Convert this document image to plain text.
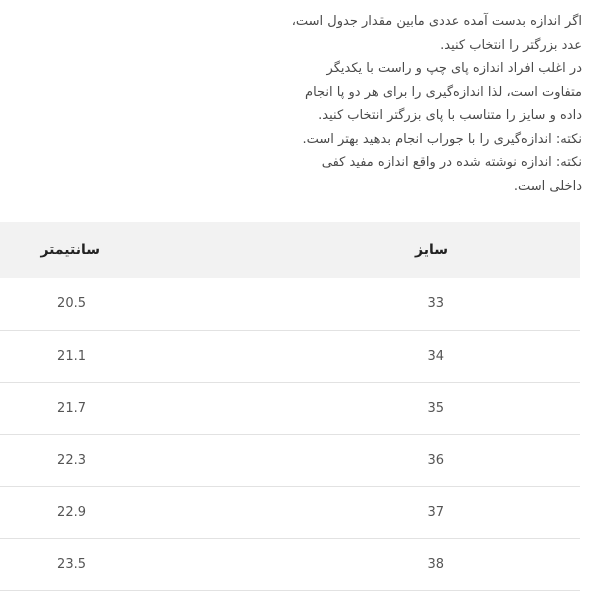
اگر اندازه بدست آمده عددی مابین مقدار جدول است،

عدد بزرگتر را انتخاب کنید.

در اغلب افراد اندازه پای چپ و راست با یکدیگر

متفاوت است، لذا اندازه‌گیری را برای هر دو پا انجام

داده و سایز را متناسب با پای بزرگتر انتخاب کنید.

نکته: اندازه‌گیری را با جوراب انجام بدهید بهتر است.

نکته: اندازه نوشته شده در واقع اندازه مفید کفی

داخلی است.

سایز	سانتیمتر
33	20.5
34	21.1
35	21.7
36	22.3
37	22.9
38	23.5
